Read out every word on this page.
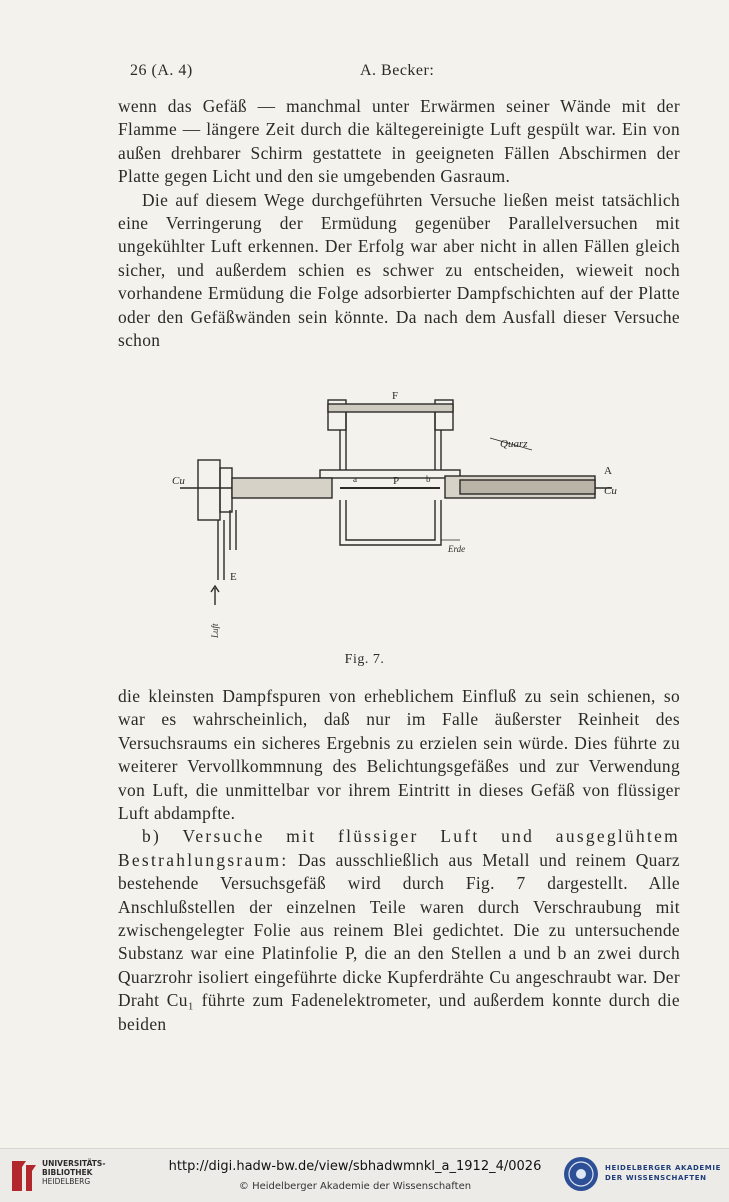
26 (A. 4)	A. Becker:

wenn das Gefäß — manchmal unter Erwärmen seiner Wände mit der Flamme — längere Zeit durch die kältegereinigte Luft gespült war. Ein von außen drehbarer Schirm gestattete in geeigneten Fällen Abschirmen der Platte gegen Licht und den sie umgebenden Gasraum.

Die auf diesem Wege durchgeführten Versuche ließen meist tatsächlich eine Verringerung der Ermüdung gegenüber Parallelversuchen mit ungekühlter Luft erkennen. Der Erfolg war aber nicht in allen Fällen gleich sicher, und außerdem schien es schwer zu entscheiden, wieweit noch vorhandene Ermüdung die Folge adsorbierter Dampfschichten auf der Platte oder den Gefäßwänden sein könnte. Da nach dem Ausfall dieser Versuche schon

F
Quarz
A
Cu
Cu
P
a	b
Erde
E
Luft
Fig. 7.

die kleinsten Dampfspuren von erheblichem Einfluß zu sein schienen, so war es wahrscheinlich, daß nur im Falle äußerster Reinheit des Versuchsraums ein sicheres Ergebnis zu erzielen sein würde. Dies führte zu weiterer Vervollkommnung des Belichtungsgefäßes und zur Verwendung von Luft, die unmittelbar vor ihrem Eintritt in dieses Gefäß von flüssiger Luft abdampfte.

b) Versuche mit flüssiger Luft und ausgeglühtem Bestrahlungsraum: Das ausschließlich aus Metall und reinem Quarz bestehende Versuchsgefäß wird durch Fig. 7 dargestellt. Alle Anschlußstellen der einzelnen Teile waren durch Verschraubung mit zwischengelegter Folie aus reinem Blei gedichtet. Die zu untersuchende Substanz war eine Platinfolie P, die an den Stellen a und b an zwei durch Quarzrohr isoliert eingeführte dicke Kupferdrähte Cu angeschraubt war. Der Draht Cu₁ führte zum Fadenelektrometer, und außerdem konnte durch die beiden

UNIVERSITÄTS-
BIBLIOTHEK
HEIDELBERG
http://digi.hadw-bw.de/view/sbhadwmnkl_a_1912_4/0026
© Heidelberger Akademie der Wissenschaften
HEIDELBERGER AKADEMIE
DER WISSENSCHAFTEN
